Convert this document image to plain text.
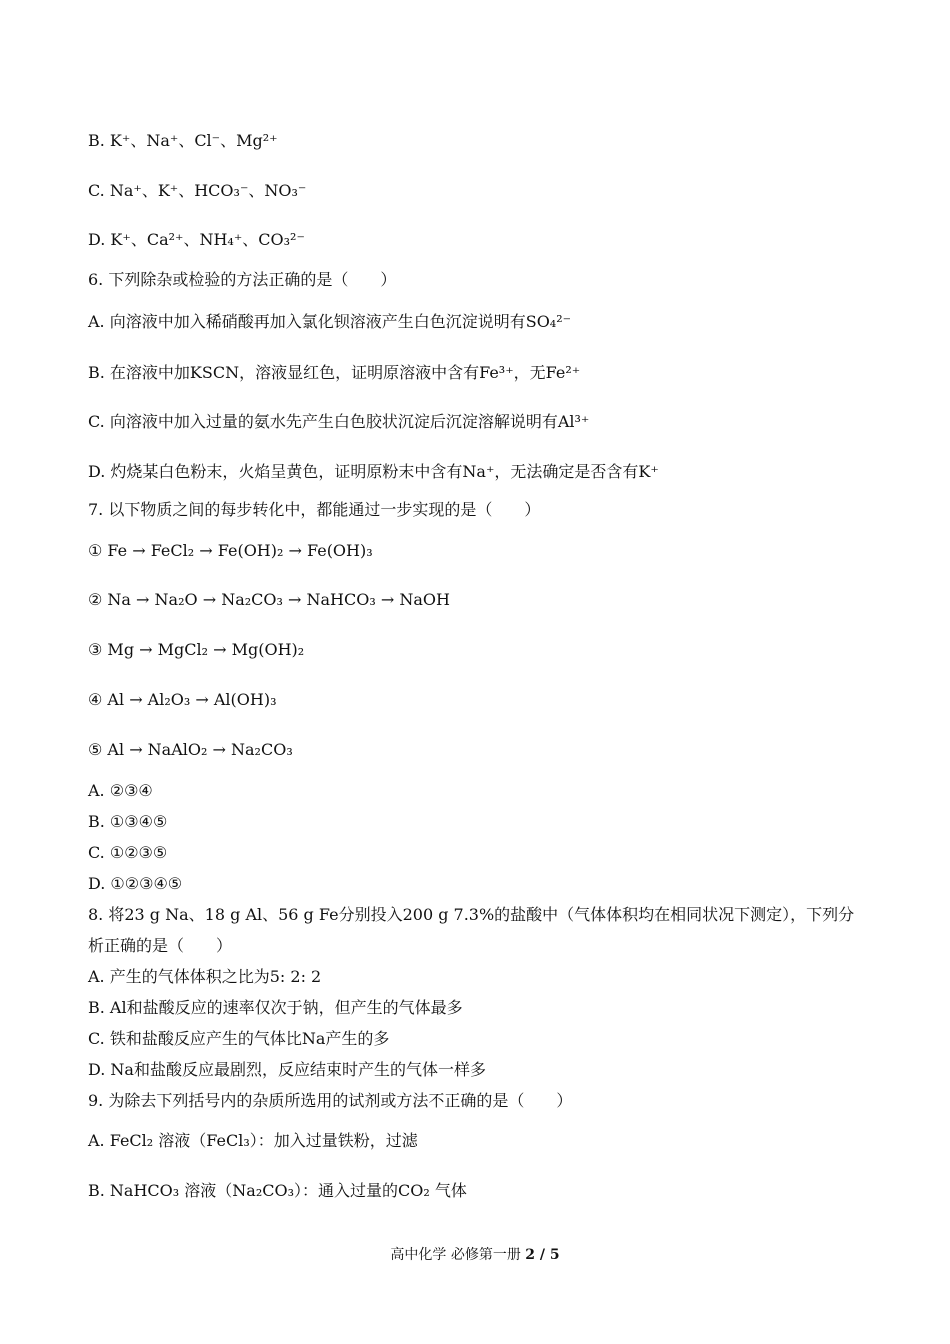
B. K⁺、Na⁺、Cl⁻、Mg²⁺
C. Na⁺、K⁺、HCO₃⁻、NO₃⁻
D. K⁺、Ca²⁺、NH₄⁺、CO₃²⁻
6. 下列除杂或检验的方法正确的是（　　）
A. 向溶液中加入稀硝酸再加入氯化钡溶液产生白色沉淀说明有SO₄²⁻
B. 在溶液中加KSCN，溶液显红色，证明原溶液中含有Fe³⁺，无Fe²⁺
C. 向溶液中加入过量的氨水先产生白色胶状沉淀后沉淀溶解说明有Al³⁺
D. 灼烧某白色粉末，火焰呈黄色，证明原粉末中含有Na⁺，无法确定是否含有K⁺
7. 以下物质之间的每步转化中，都能通过一步实现的是（　　）
① Fe → FeCl₂ → Fe(OH)₂ → Fe(OH)₃
② Na → Na₂O → Na₂CO₃ → NaHCO₃ → NaOH
③ Mg → MgCl₂ → Mg(OH)₂
④ Al → Al₂O₃ → Al(OH)₃
⑤ Al → NaAlO₂ → Na₂CO₃
A. ②③④
B. ①③④⑤
C. ①②③⑤
D. ①②③④⑤
8. 将23 g Na、18 g Al、56 g Fe分别投入200 g 7.3%的盐酸中（气体体积均在相同状况下测定），下列分析正确的是（　　）
A. 产生的气体体积之比为5: 2: 2
B. Al和盐酸反应的速率仅次于钠，但产生的气体最多
C. 铁和盐酸反应产生的气体比Na产生的多
D. Na和盐酸反应最剧烈，反应结束时产生的气体一样多
9. 为除去下列括号内的杂质所选用的试剂或方法不正确的是（　　）
A. FeCl₂ 溶液（FeCl₃）：加入过量铁粉，过滤
B. NaHCO₃ 溶液（Na₂CO₃）：通入过量的CO₂ 气体
高中化学 必修第一册 2 / 5
